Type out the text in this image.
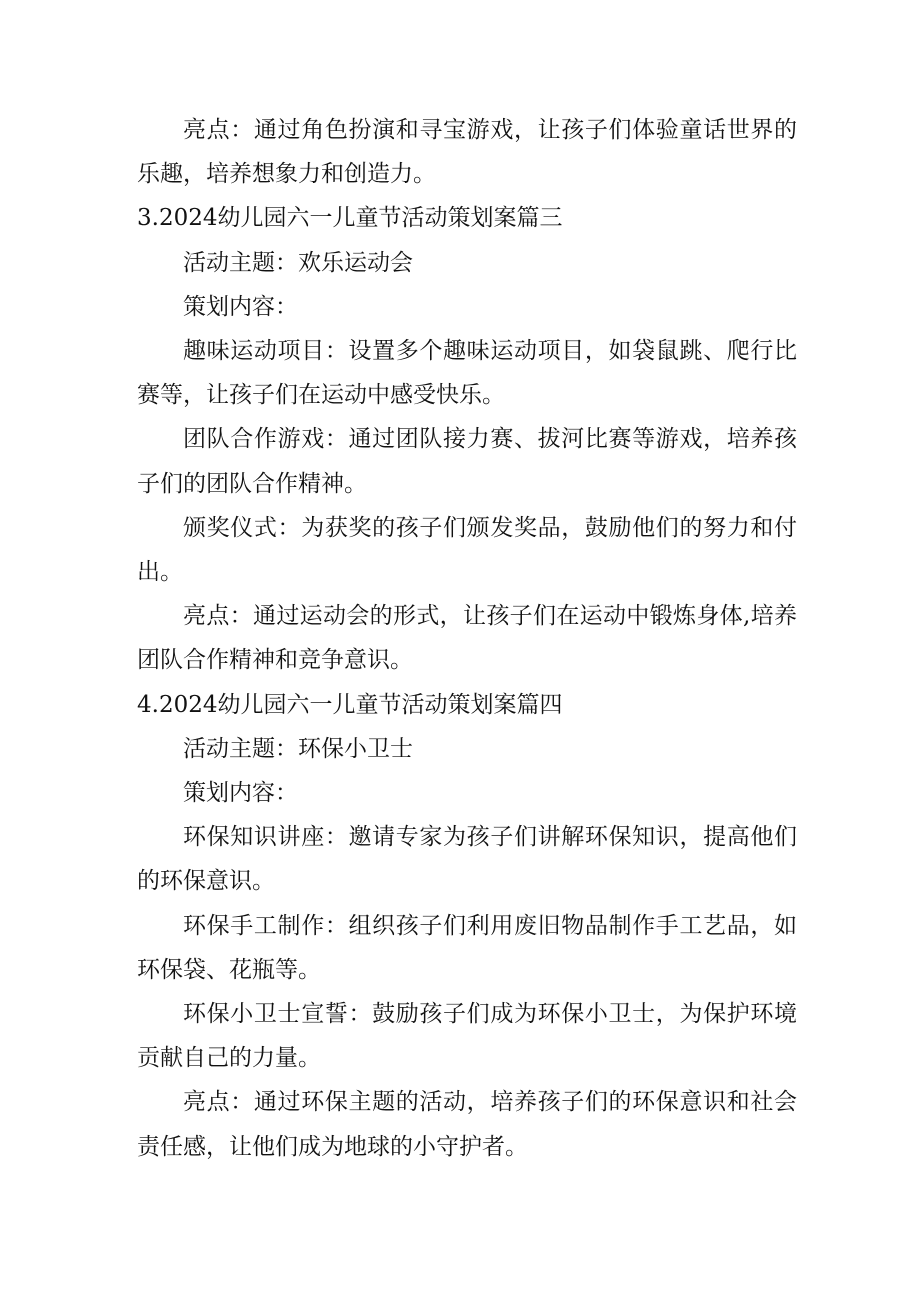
亮点：通过角色扮演和寻宝游戏，让孩子们体验童话世界的乐趣，培养想象力和创造力。

3.2024幼儿园六一儿童节活动策划案篇三

活动主题：欢乐运动会

策划内容：

趣味运动项目：设置多个趣味运动项目，如袋鼠跳、爬行比赛等，让孩子们在运动中感受快乐。

团队合作游戏：通过团队接力赛、拔河比赛等游戏，培养孩子们的团队合作精神。

颁奖仪式：为获奖的孩子们颁发奖品，鼓励他们的努力和付出。

亮点：通过运动会的形式，让孩子们在运动中锻炼身体,培养团队合作精神和竞争意识。

4.2024幼儿园六一儿童节活动策划案篇四

活动主题：环保小卫士

策划内容：

环保知识讲座：邀请专家为孩子们讲解环保知识，提高他们的环保意识。

环保手工制作：组织孩子们利用废旧物品制作手工艺品，如环保袋、花瓶等。

环保小卫士宣誓：鼓励孩子们成为环保小卫士，为保护环境贡献自己的力量。

亮点：通过环保主题的活动，培养孩子们的环保意识和社会责任感，让他们成为地球的小守护者。
